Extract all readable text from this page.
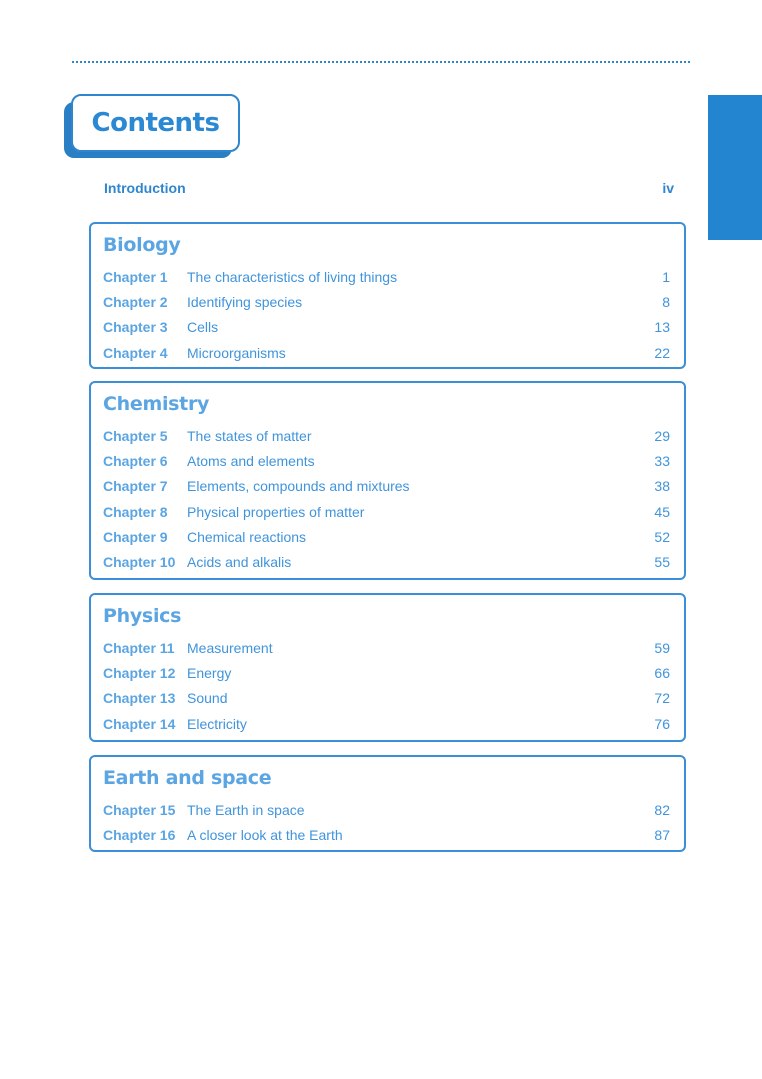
Contents
Introduction	iv
Biology
Chapter 1	The characteristics of living things	1
Chapter 2	Identifying species	8
Chapter 3	Cells	13
Chapter 4	Microorganisms	22
Chemistry
Chapter 5	The states of matter	29
Chapter 6	Atoms and elements	33
Chapter 7	Elements, compounds and mixtures	38
Chapter 8	Physical properties of matter	45
Chapter 9	Chemical reactions	52
Chapter 10 Acids and alkalis	55
Physics
Chapter 11 Measurement	59
Chapter 12 Energy	66
Chapter 13 Sound	72
Chapter 14 Electricity	76
Earth and space
Chapter 15 The Earth in space	82
Chapter 16 A closer look at the Earth	87
